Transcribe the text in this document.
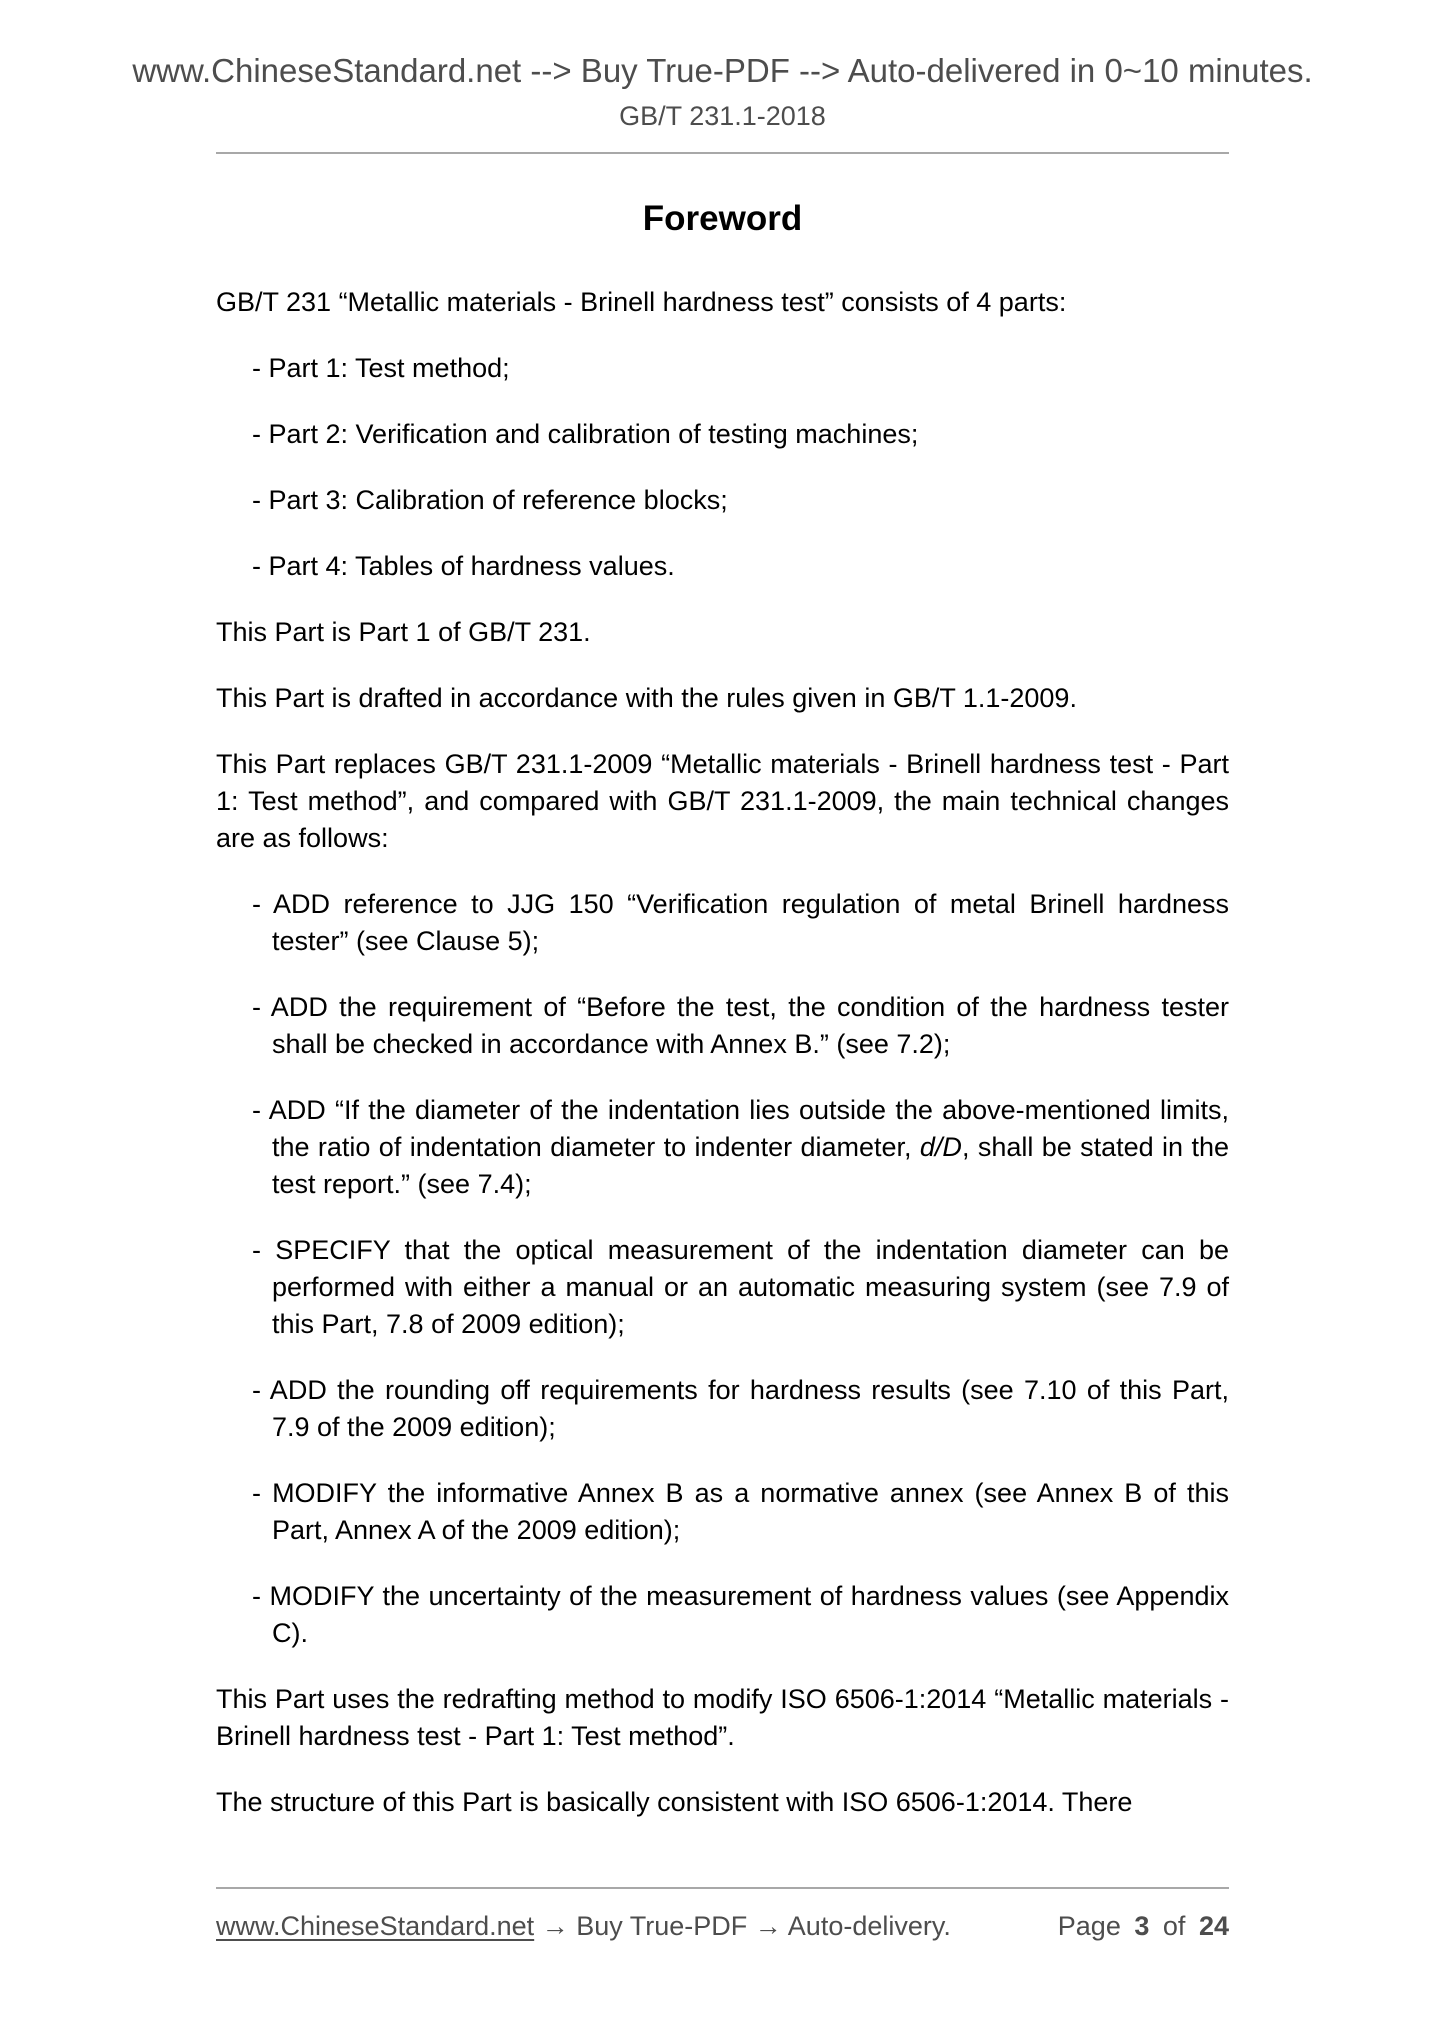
www.ChineseStandard.net --> Buy True-PDF --> Auto-delivered in 0~10 minutes.
GB/T 231.1-2018
Foreword

GB/T 231 “Metallic materials - Brinell hardness test” consists of 4 parts:

- Part 1: Test method;

- Part 2: Verification and calibration of testing machines;

- Part 3: Calibration of reference blocks;

- Part 4: Tables of hardness values.

This Part is Part 1 of GB/T 231.

This Part is drafted in accordance with the rules given in GB/T 1.1-2009.

This Part replaces GB/T 231.1-2009 “Metallic materials - Brinell hardness test - Part 1: Test method”, and compared with GB/T 231.1-2009, the main technical changes are as follows:

- ADD reference to JJG 150 “Verification regulation of metal Brinell hardness tester” (see Clause 5);

- ADD the requirement of “Before the test, the condition of the hardness tester shall be checked in accordance with Annex B.” (see 7.2);

- ADD “If the diameter of the indentation lies outside the above-mentioned limits, the ratio of indentation diameter to indenter diameter, d/D, shall be stated in the test report.” (see 7.4);

- SPECIFY that the optical measurement of the indentation diameter can be performed with either a manual or an automatic measuring system (see 7.9 of this Part, 7.8 of 2009 edition);

- ADD the rounding off requirements for hardness results (see 7.10 of this Part, 7.9 of the 2009 edition);

- MODIFY the informative Annex B as a normative annex (see Annex B of this Part, Annex A of the 2009 edition);

- MODIFY the uncertainty of the measurement of hardness values (see Appendix C).

This Part uses the redrafting method to modify ISO 6506-1:2014 “Metallic materials - Brinell hardness test - Part 1: Test method”.

The structure of this Part is basically consistent with ISO 6506-1:2014. There

www.ChineseStandard.net → Buy True-PDF → Auto-delivery.	Page 3 of 24
